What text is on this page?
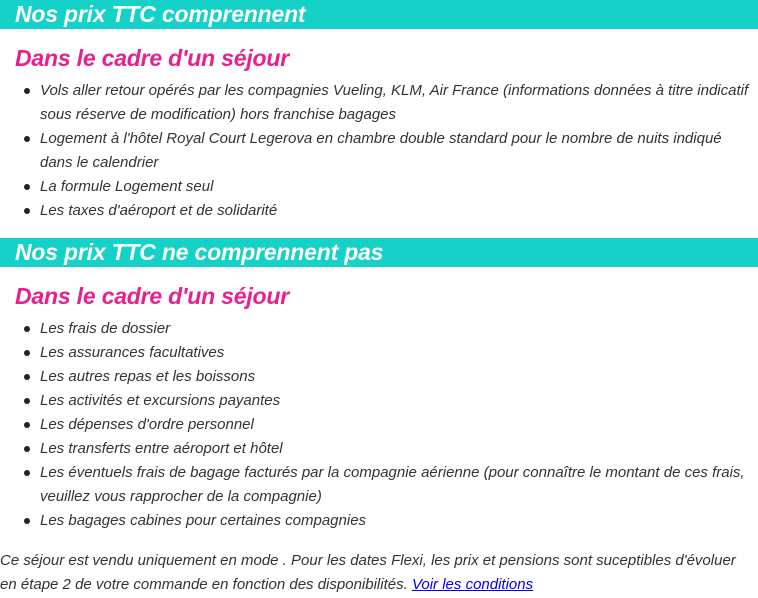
Nos prix TTC comprennent
Dans le cadre d'un séjour
Vols aller retour opérés par les compagnies Vueling, KLM, Air France (informations données à titre indicatif sous réserve de modification) hors franchise bagages
Logement à l'hôtel Royal Court Legerova en chambre double standard pour le nombre de nuits indiqué dans le calendrier
La formule Logement seul
Les taxes d'aéroport et de solidarité
Nos prix TTC ne comprennent pas
Dans le cadre d'un séjour
Les frais de dossier
Les assurances facultatives
Les autres repas et les boissons
Les activités et excursions payantes
Les dépenses d'ordre personnel
Les transferts entre aéroport et hôtel
Les éventuels frais de bagage facturés par la compagnie aérienne (pour connaître le montant de ces frais, veuillez vous rapprocher de la compagnie)
Les bagages cabines pour certaines compagnies

Ce séjour est vendu uniquement en mode . Pour les dates Flexi, les prix et pensions sont suceptibles d'évoluer en étape 2 de votre commande en fonction des disponibilités. Voir les conditions
